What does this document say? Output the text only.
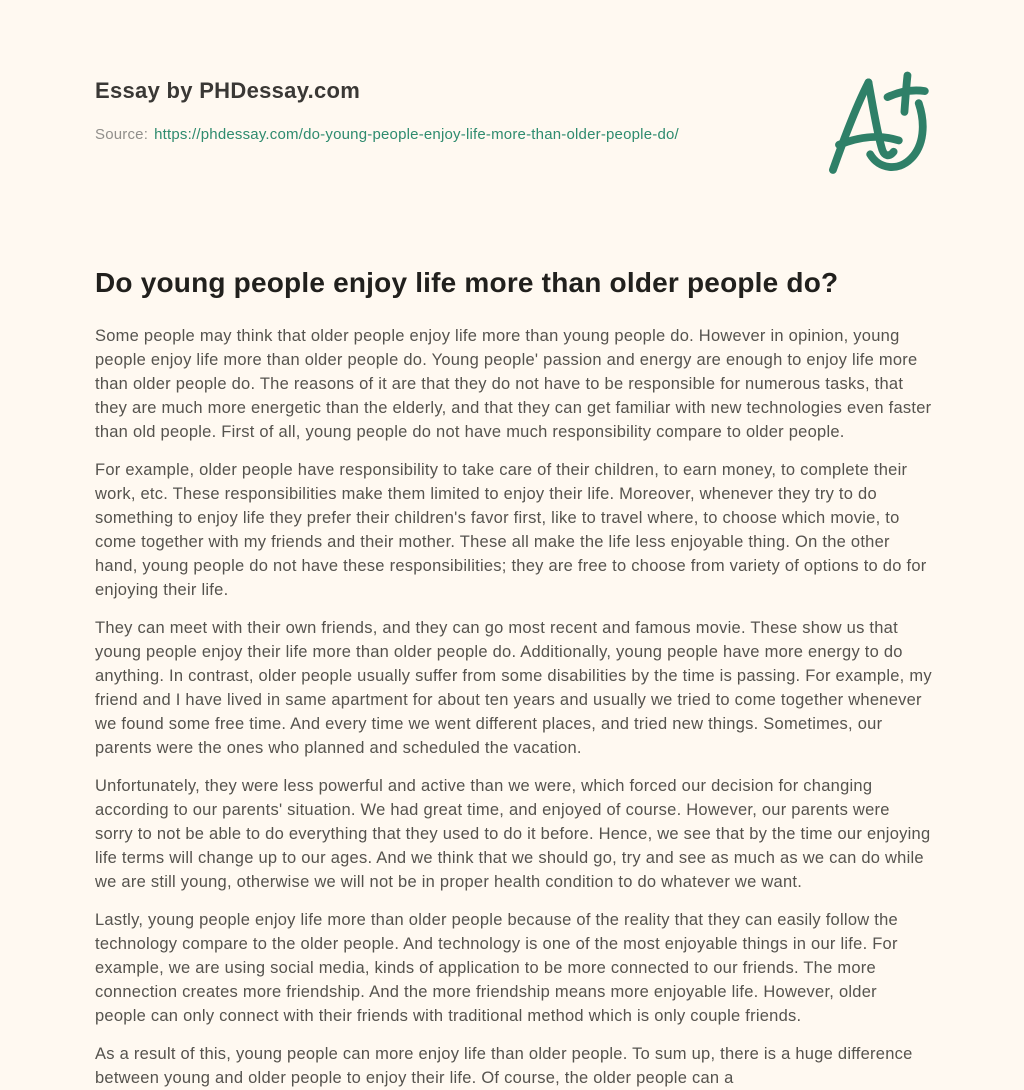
Essay by PHDessay.com
Source: https://phdessay.com/do-young-people-enjoy-life-more-than-older-people-do/
Do young people enjoy life more than older people do?

Some people may think that older people enjoy life more than young people do. However in opinion, young people enjoy life more than older people do. Young people' passion and energy are enough to enjoy life more than older people do. The reasons of it are that they do not have to be responsible for numerous tasks, that they are much more energetic than the elderly, and that they can get familiar with new technologies even faster than old people. First of all, young people do not have much responsibility compare to older people.

For example, older people have responsibility to take care of their children, to earn money, to complete their work, etc. These responsibilities make them limited to enjoy their life. Moreover, whenever they try to do something to enjoy life they prefer their children's favor first, like to travel where, to choose which movie, to come together with my friends and their mother. These all make the life less enjoyable thing. On the other hand, young people do not have these responsibilities; they are free to choose from variety of options to do for enjoying their life.

They can meet with their own friends, and they can go most recent and famous movie. These show us that young people enjoy their life more than older people do. Additionally, young people have more energy to do anything. In contrast, older people usually suffer from some disabilities by the time is passing. For example, my friend and I have lived in same apartment for about ten years and usually we tried to come together whenever we found some free time. And every time we went different places, and tried new things. Sometimes, our parents were the ones who planned and scheduled the vacation.

Unfortunately, they were less powerful and active than we were, which forced our decision for changing according to our parents' situation. We had great time, and enjoyed of course. However, our parents were sorry to not be able to do everything that they used to do it before. Hence, we see that by the time our enjoying life terms will change up to our ages. And we think that we should go, try and see as much as we can do while we are still young, otherwise we will not be in proper health condition to do whatever we want.

Lastly, young people enjoy life more than older people because of the reality that they can easily follow the technology compare to the older people. And technology is one of the most enjoyable things in our life. For example, we are using social media, kinds of application to be more connected to our friends. The more connection creates more friendship. And the more friendship means more enjoyable life. However, older people can only connect with their friends with traditional method which is only couple friends.

As a result of this, young people can more enjoy life than older people. To sum up, there is a huge difference between young and older people to enjoy their life. Of course, the older people can a
